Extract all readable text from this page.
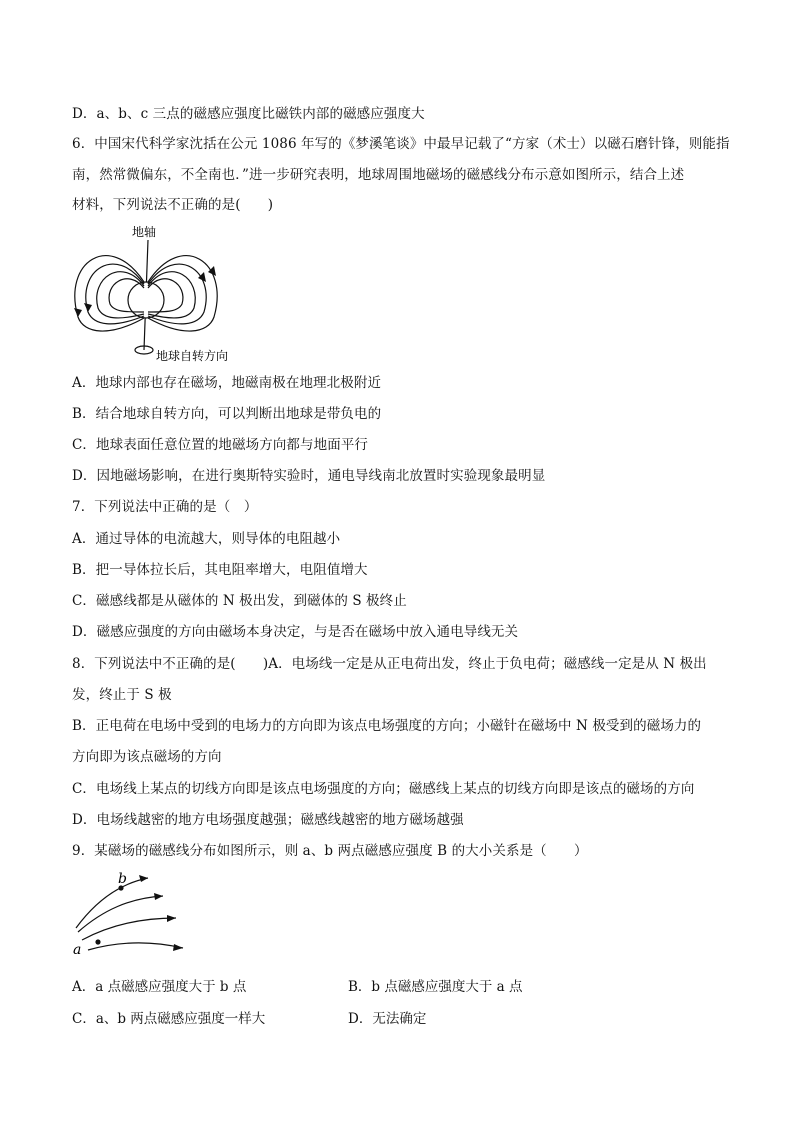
D．a、b、c 三点的磁感应强度比磁铁内部的磁感应强度大
6．中国宋代科学家沈括在公元 1086 年写的《梦溪笔谈》中最早记载了“方家（术士）以磁石磨针锋，则能指
南，然常微偏东，不全南也．”进一步研究表明，地球周围地磁场的磁感线分布示意如图所示，结合上述
材料，下列说法不正确的是(　　)
地轴
地球自转方向
A．地球内部也存在磁场，地磁南极在地理北极附近
B．结合地球自转方向，可以判断出地球是带负电的
C．地球表面任意位置的地磁场方向都与地面平行
D．因地磁场影响，在进行奥斯特实验时，通电导线南北放置时实验现象最明显
7．下列说法中正确的是（　）
A．通过导体的电流越大，则导体的电阻越小
B．把一导体拉长后，其电阻率增大，电阻值增大
C．磁感线都是从磁体的 N 极出发，到磁体的 S 极终止
D．磁感应强度的方向由磁场本身决定，与是否在磁场中放入通电导线无关
8．下列说法中不正确的是(　　)A．电场线一定是从正电荷出发，终止于负电荷；磁感线一定是从 N 极出
发，终止于 S 极
B．正电荷在电场中受到的电场力的方向即为该点电场强度的方向；小磁针在磁场中 N 极受到的磁场力的
方向即为该点磁场的方向
C．电场线上某点的切线方向即是该点电场强度的方向；磁感线上某点的切线方向即是该点的磁场的方向
D．电场线越密的地方电场强度越强；磁感线越密的地方磁场越强
9．某磁场的磁感线分布如图所示，则 a、b 两点磁感应强度 B 的大小关系是（　　）
b
a
A．a 点磁感应强度大于 b 点	B．b 点磁感应强度大于 a 点
C．a、b 两点磁感应强度一样大	D．无法确定
